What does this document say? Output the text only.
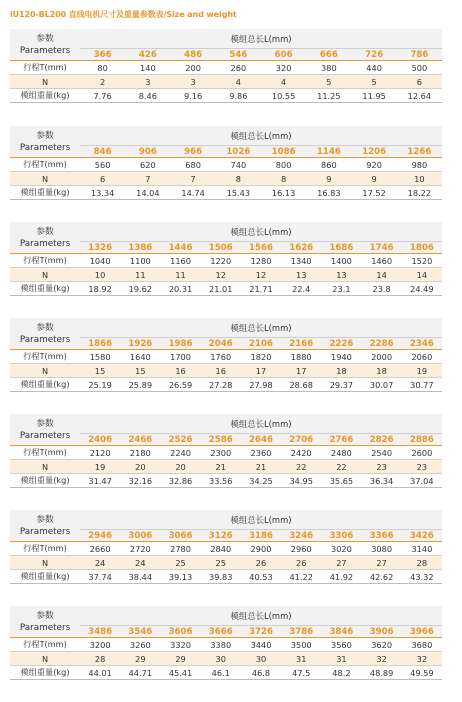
iU120-BL200 直线电机尺寸及重量参数表/Size and weight
参数
Parameters	模组总长L(mm)							
	366	426	486	546	606	666	726	786
行程T(mm)	80	140	200	260	320	380	440	500
N	2	3	3	4	4	5	5	6
模组重量(kg)	7.76	8.46	9.16	9.86	10.55	11.25	11.95	12.64
参数
Parameters	模组总长L(mm)							
	846	906	966	1026	1086	1146	1206	1266
行程T(mm)	560	620	680	740	800	860	920	980
N	6	7	7	8	8	9	9	10
模组重量(kg)	13.34	14.04	14.74	15.43	16.13	16.83	17.52	18.22
参数
Parameters	模组总长L(mm)								
	1326	1386	1446	1506	1566	1626	1686	1746	1806
行程T(mm)	1040	1100	1160	1220	1280	1340	1400	1460	1520
N	10	11	11	12	12	13	13	14	14
模组重量(kg)	18.92	19.62	20.31	21.01	21.71	22.4	23.1	23.8	24.49
参数
Parameters	模组总长L(mm)								
	1866	1926	1986	2046	2106	2166	2226	2286	2346
行程T(mm)	1580	1640	1700	1760	1820	1880	1940	2000	2060
N	15	15	16	16	17	17	18	18	19
模组重量(kg)	25.19	25.89	26.59	27.28	27.98	28.68	29.37	30.07	30.77
参数
Parameters	模组总长L(mm)								
	2406	2466	2526	2586	2646	2706	2766	2826	2886
行程T(mm)	2120	2180	2240	2300	2360	2420	2480	2540	2600
N	19	20	20	21	21	22	22	23	23
模组重量(kg)	31.47	32.16	32.86	33.56	34.25	34.95	35.65	36.34	37.04
参数
Parameters	模组总长L(mm)								
	2946	3006	3066	3126	3186	3246	3306	3366	3426
行程T(mm)	2660	2720	2780	2840	2900	2960	3020	3080	3140
N	24	24	25	25	26	26	27	27	28
模组重量(kg)	37.74	38.44	39.13	39.83	40.53	41.22	41.92	42.62	43.32
参数
Parameters	模组总长L(mm)								
	3486	3546	3606	3666	3726	3786	3846	3906	3966
行程T(mm)	3200	3260	3320	3380	3440	3500	3560	3620	3680
N	28	29	29	30	30	31	31	32	32
模组重量(kg)	44.01	44.71	45.41	46.1	46.8	47.5	48.2	48.89	49.59
